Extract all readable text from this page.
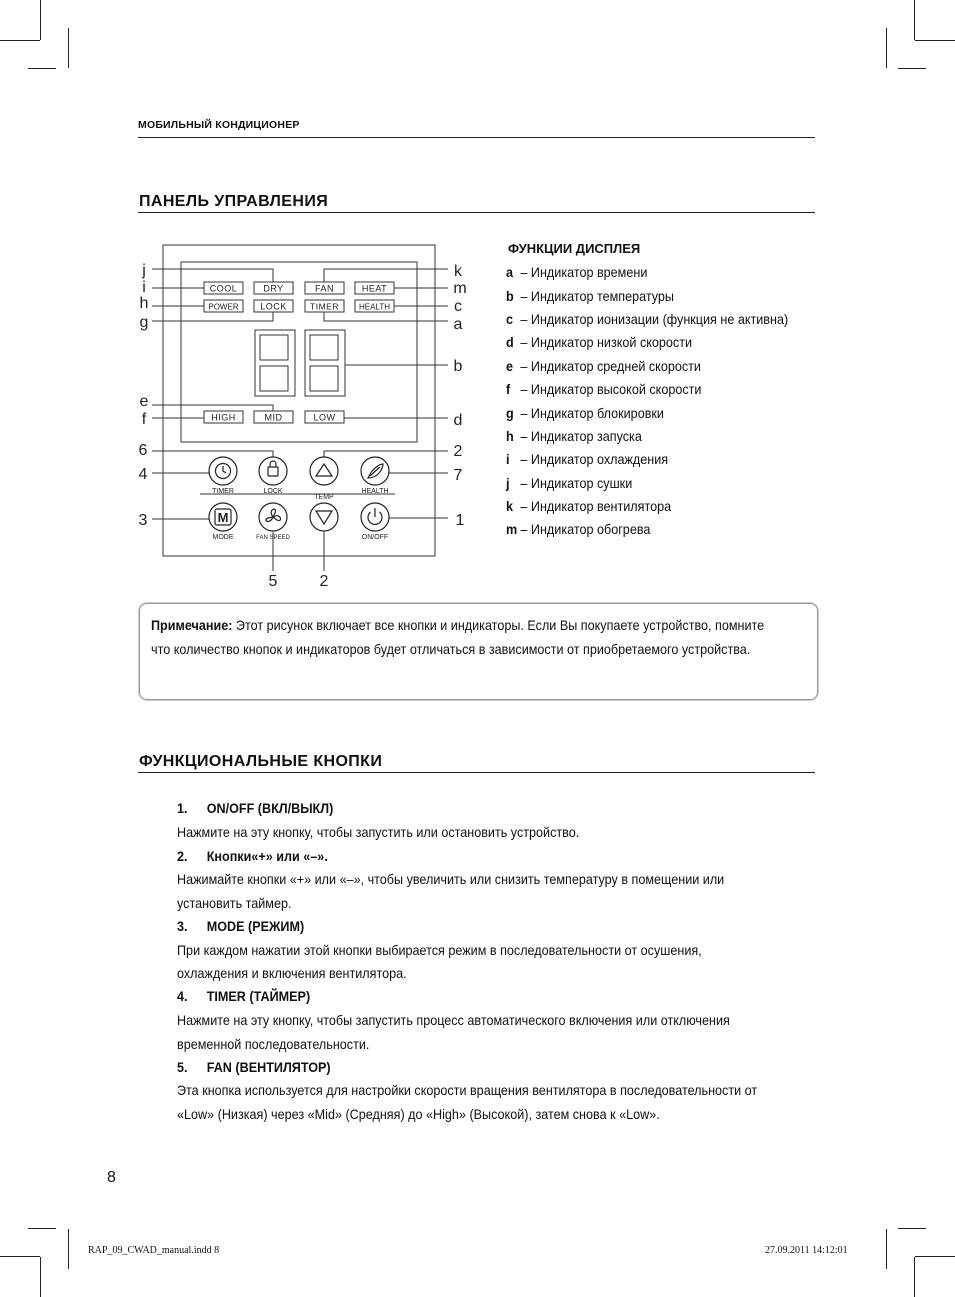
МОБИЛЬНЫЙ КОНДИЦИОНЕР
ПАНЕЛЬ УПРАВЛЕНИЯ
COOL	DRY	FAN	HEAT
POWER LOCK	TIMER	HEALTH
HIGH	MID	LOW
j
i
h
g
e
f
k
m
c
a
b
d
6
4
3
2
7
1
5	2
M
TIMER	LOCK
TEMP
HEALTH
MODE	FAN SPEED	ON/OFF
ФУНКЦИИ ДИСПЛЕЯ
a – Индикатор времени
b – Индикатор температуры
c – Индикатор ионизации (функция не активна)
d – Индикатор низкой скорости
e – Индикатор средней скорости
f – Индикатор высокой скорости
g – Индикатор блокировки
h – Индикатор запуска
i – Индикатор охлаждения
j – Индикатор сушки
k – Индикатор вентилятора
m – Индикатор обогрева
Примечание: Этот рисунок включает все кнопки и индикаторы. Если Вы покупаете устройство, помните что количество кнопок и индикаторов будет отличаться в зависимости от приобретаемого устройства.
ФУНКЦИОНАЛЬНЫЕ КНОПКИ
1. ON/OFF (ВКЛ/ВЫКЛ)
Нажмите на эту кнопку, чтобы запустить или остановить устройство.
2. Кнопки«+» или «–».
Нажимайте кнопки «+» или «–», чтобы увеличить или снизить температуру в помещении или
установить таймер.
3. MODE (РЕЖИМ)
При каждом нажатии этой кнопки выбирается режим в последовательности от осушения,
охлаждения и включения вентилятора.
4. TIMER (ТАЙМЕР)
Нажмите на эту кнопку, чтобы запустить процесс автоматического включения или отключения
временной последовательности.
5. FAN (ВЕНТИЛЯТОР)
Эта кнопка используется для настройки скорости вращения вентилятора в последовательности от
«Low» (Низкая) через «Mid» (Средняя) до «High» (Высокой), затем снова к «Low».
8
RAP_09_CWAD_manual.indd 8	27.09.2011 14:12:01
